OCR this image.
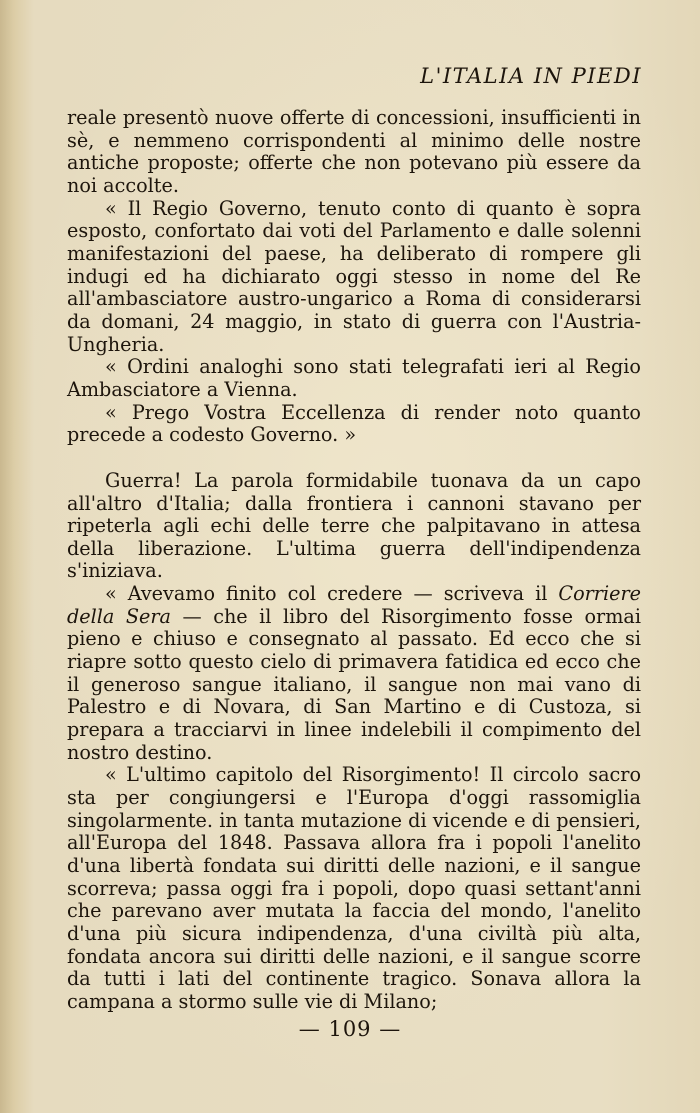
L'ITALIA IN PIEDI

reale presentò nuove offerte di concessioni, insufficienti in sè, e nemmeno corrispondenti al minimo delle nostre antiche proposte; offerte che non potevano più essere da noi accolte.

« Il Regio Governo, tenuto conto di quanto è sopra esposto, confortato dai voti del Parlamento e dalle solenni manifestazioni del paese, ha deliberato di rompere gli indugi ed ha dichiarato oggi stesso in nome del Re all'ambasciatore austro-ungarico a Roma di considerarsi da domani, 24 maggio, in stato di guerra con l'Austria-Ungheria.

« Ordini analoghi sono stati telegrafati ieri al Regio Ambasciatore a Vienna.

« Prego Vostra Eccellenza di render noto quanto precede a codesto Governo. »

Guerra! La parola formidabile tuonava da un capo all'altro d'Italia; dalla frontiera i cannoni stavano per ripeterla agli echi delle terre che palpitavano in attesa della liberazione. L'ultima guerra dell'indipendenza s'iniziava.

« Avevamo finito col credere — scriveva il Corriere della Sera — che il libro del Risorgimento fosse ormai pieno e chiuso e consegnato al passato. Ed ecco che si riapre sotto questo cielo di primavera fatidica ed ecco che il generoso sangue italiano, il sangue non mai vano di Palestro e di Novara, di San Martino e di Custoza, si prepara a tracciarvi in linee indelebili il compimento del nostro destino.

« L'ultimo capitolo del Risorgimento! Il circolo sacro sta per congiungersi e l'Europa d'oggi rassomiglia singolarmente. in tanta mutazione di vicende e di pensieri, all'Europa del 1848. Passava allora fra i popoli l'anelito d'una libertà fondata sui diritti delle nazioni, e il sangue scorreva; passa oggi fra i popoli, dopo quasi settant'anni che parevano aver mutata la faccia del mondo, l'anelito d'una più sicura indipendenza, d'una civiltà più alta, fondata ancora sui diritti delle nazioni, e il sangue scorre da tutti i lati del continente tragico. Sonava allora la campana a stormo sulle vie di Milano;

— 109 —
